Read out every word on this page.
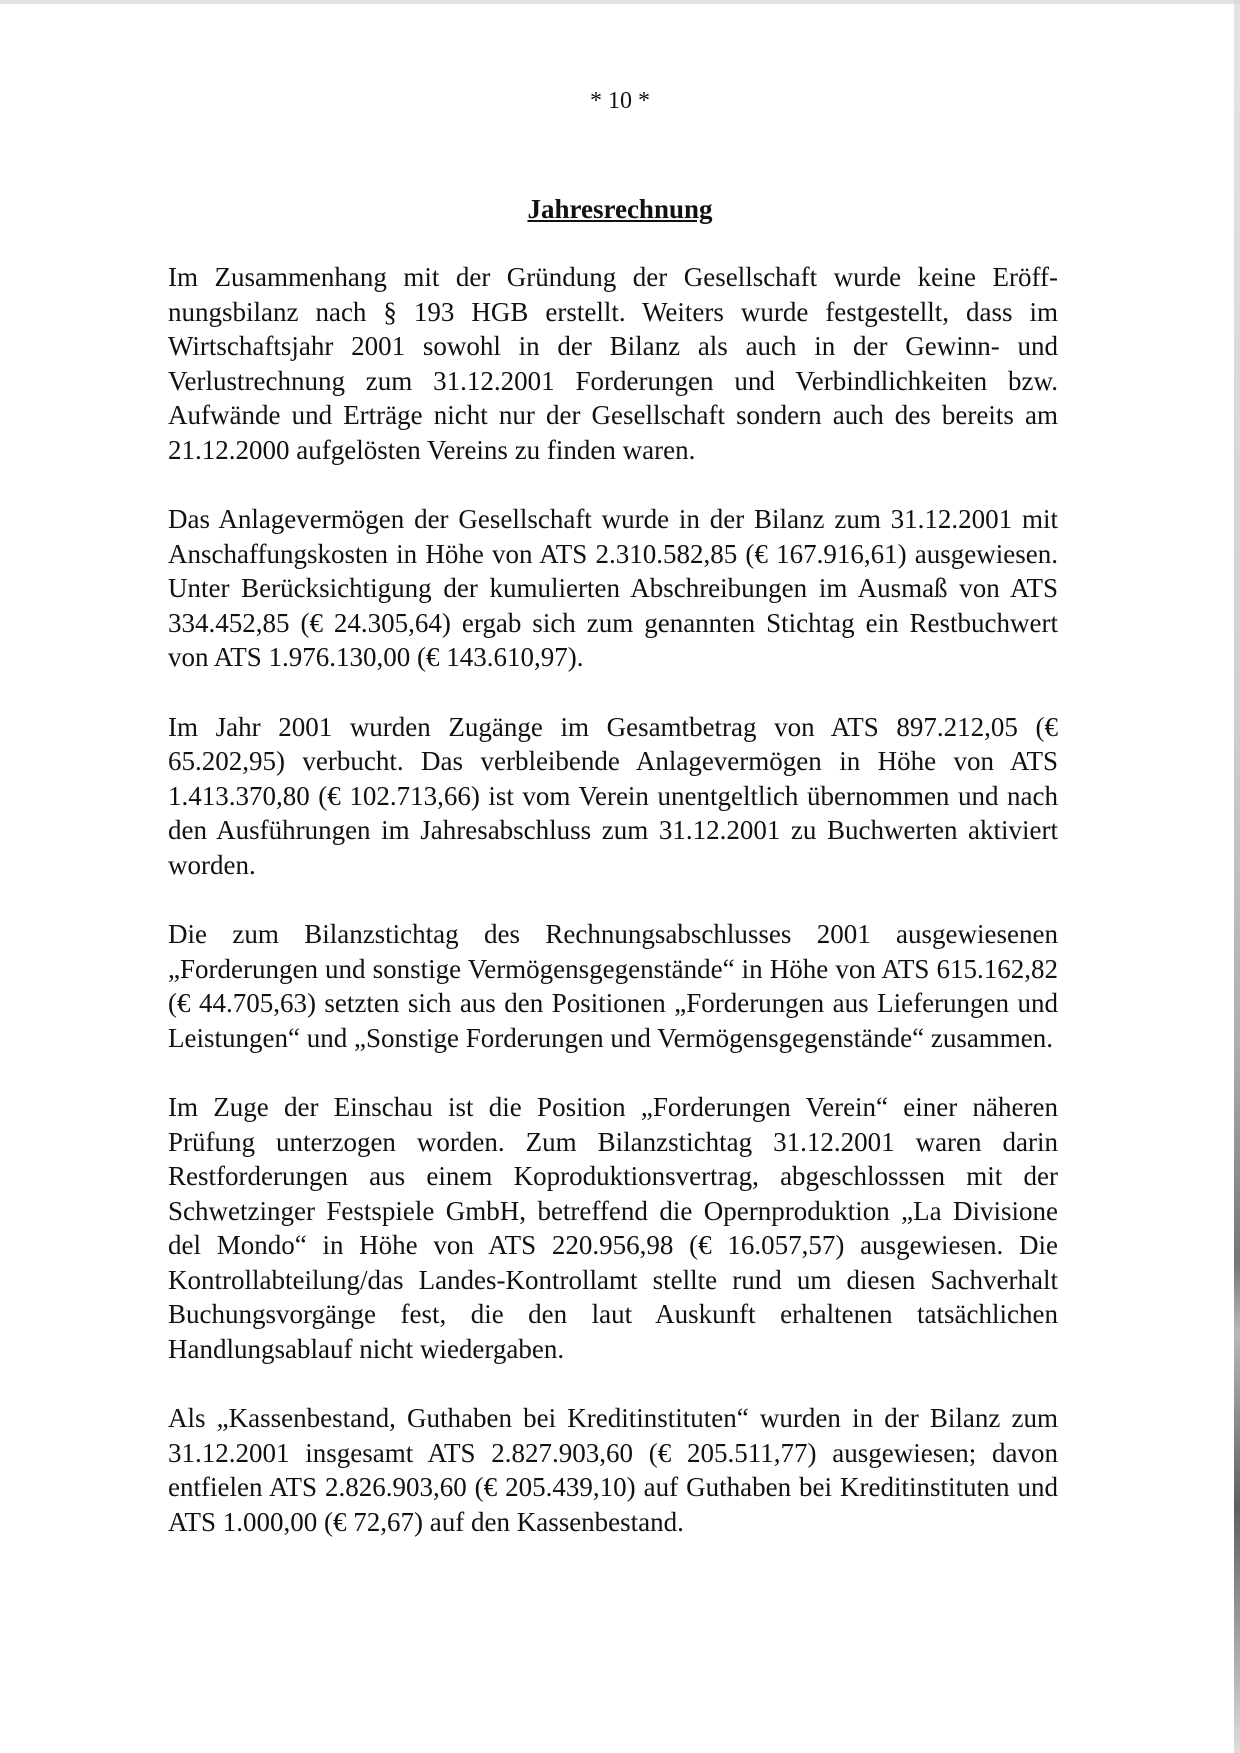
* 10 *
Jahresrechnung

Im Zusammenhang mit der Gründung der Gesellschaft wurde keine Eröffnungsbilanz nach § 193 HGB erstellt. Weiters wurde festgestellt, dass im Wirtschaftsjahr 2001 sowohl in der Bilanz als auch in der Gewinn- und Verlustrechnung zum 31.12.2001 Forderungen und Verbindlichkeiten bzw. Aufwände und Erträge nicht nur der Gesellschaft sondern auch des bereits am 21.12.2000 aufgelösten Vereins zu finden waren.

Das Anlagevermögen der Gesellschaft wurde in der Bilanz zum 31.12.2001 mit Anschaffungskosten in Höhe von ATS 2.310.582,85 (€ 167.916,61) ausgewiesen. Unter Berücksichtigung der kumulierten Abschreibungen im Ausmaß von ATS 334.452,85 (€ 24.305,64) ergab sich zum genannten Stichtag ein Restbuchwert von ATS 1.976.130,00 (€ 143.610,97).

Im Jahr 2001 wurden Zugänge im Gesamtbetrag von ATS 897.212,05 (€ 65.202,95) verbucht. Das verbleibende Anlagevermögen in Höhe von ATS 1.413.370,80 (€ 102.713,66) ist vom Verein unentgeltlich übernommen und nach den Ausführungen im Jahresabschluss zum 31.12.2001 zu Buchwerten aktiviert worden.

Die zum Bilanzstichtag des Rechnungsabschlusses 2001 ausgewiesenen „Forderungen und sonstige Vermögensgegenstände“ in Höhe von ATS 615.162,82 (€ 44.705,63) setzten sich aus den Positionen „Forderungen aus Lieferungen und Leistungen“ und „Sonstige Forderungen und Vermögensgegenstände“ zusammen.

Im Zuge der Einschau ist die Position „Forderungen Verein“ einer näheren Prüfung unterzogen worden. Zum Bilanzstichtag 31.12.2001 waren darin Restforderungen aus einem Koproduktionsvertrag, abgeschlosssen mit der Schwetzinger Festspiele GmbH, betreffend die Opernproduktion „La Divisione del Mondo“ in Höhe von ATS 220.956,98 (€ 16.057,57) ausgewiesen. Die Kontrollabteilung/das Landes-Kontrollamt stellte rund um diesen Sachverhalt Buchungsvorgänge fest, die den laut Auskunft erhaltenen tatsächlichen Handlungsablauf nicht wiedergaben.

Als „Kassenbestand, Guthaben bei Kreditinstituten“ wurden in der Bilanz zum 31.12.2001 insgesamt ATS 2.827.903,60 (€ 205.511,77) ausgewiesen; davon entfielen ATS 2.826.903,60 (€ 205.439,10) auf Guthaben bei Kreditinstituten und ATS 1.000,00 (€ 72,67) auf den Kassenbestand.
